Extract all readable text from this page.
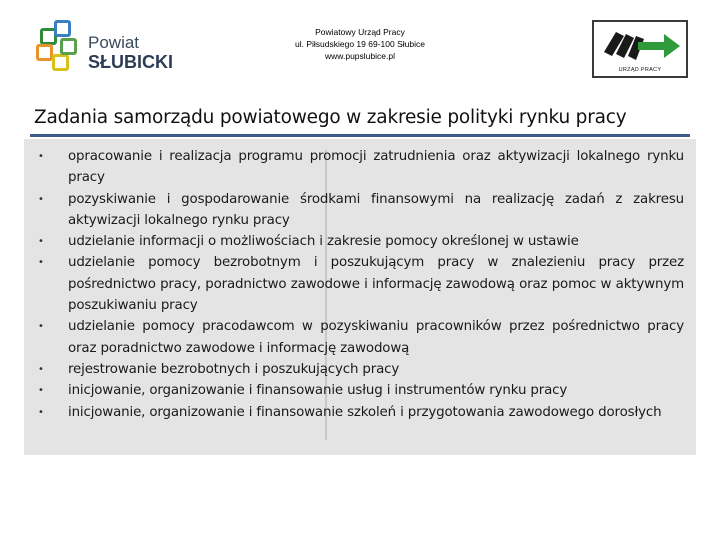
Powiat
SŁUBICKI
Powiatowy Urząd Pracy
ul. Piłsudskiego 19 69-100 Słubice
www.pupslubice.pl
URZĄD PRACY
Zadania samorządu powiatowego w zakresie polityki rynku pracy
• opracowanie i realizacja programu promocji zatrudnienia oraz aktywizacji lokalnego rynku pracy
• pozyskiwanie i gospodarowanie środkami finansowymi na realizację zadań z zakresu aktywizacji lokalnego rynku pracy
• udzielanie informacji o możliwościach i zakresie pomocy określonej w ustawie
• udzielanie pomocy bezrobotnym i poszukującym pracy w znalezieniu pracy przez pośrednictwo pracy, poradnictwo zawodowe i informację zawodową oraz pomoc w aktywnym poszukiwaniu pracy
• udzielanie pomocy pracodawcom w pozyskiwaniu pracowników przez pośrednictwo pracy oraz poradnictwo zawodowe i informację zawodową
• rejestrowanie bezrobotnych i poszukujących pracy
• inicjowanie, organizowanie i finansowanie usług i instrumentów rynku pracy
• inicjowanie, organizowanie i finansowanie szkoleń i przygotowania zawodowego dorosłych
